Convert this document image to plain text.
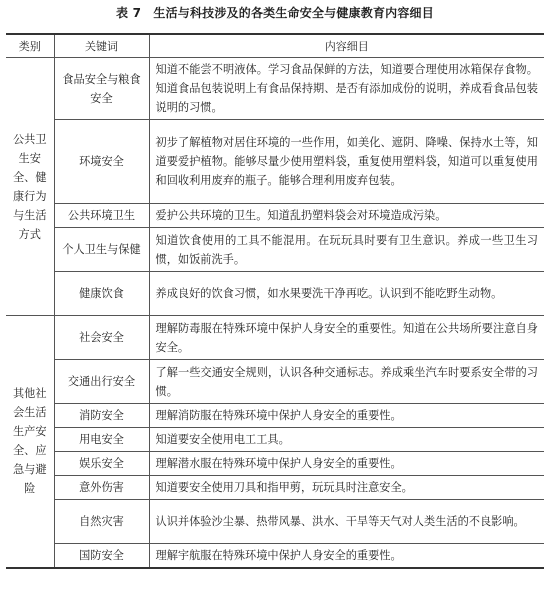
表 7　生活与科技涉及的各类生命安全与健康教育内容细目
类别	关键词	内容细目
公共卫生安全、健康行为与生活方式	食品安全与粮食安全	知道不能尝不明液体。学习食品保鲜的方法，知道要合理使用冰箱保存食物。知道食品包装说明上有食品保持期、是否有添加成份的说明，养成看食品包装说明的习惯。
	环境安全	初步了解植物对居住环境的一些作用，如美化、遮阴、降噪、保持水土等，知道要爱护植物。能够尽量少使用塑料袋，重复使用塑料袋，知道可以重复使用和回收利用废弃的瓶子。能够合理利用废弃包装。
	公共环境卫生	爱护公共环境的卫生。知道乱扔塑料袋会对环境造成污染。
	个人卫生与保健	知道饮食使用的工具不能混用。在玩玩具时要有卫生意识。养成一些卫生习惯，如饭前洗手。
	健康饮食	养成良好的饮食习惯，如水果要洗干净再吃。认识到不能吃野生动物。
其他社会生活生产安全、应急与避险	社会安全	理解防毒服在特殊环境中保护人身安全的重要性。知道在公共场所要注意自身安全。
	交通出行安全	了解一些交通安全规则，认识各种交通标志。养成乘坐汽车时要系安全带的习惯。
	消防安全	理解消防服在特殊环境中保护人身安全的重要性。
	用电安全	知道要安全使用电工工具。
	娱乐安全	理解潜水服在特殊环境中保护人身安全的重要性。
	意外伤害	知道要安全使用刀具和指甲剪，玩玩具时注意安全。
	自然灾害	认识并体验沙尘暴、热带风暴、洪水、干旱等天气对人类生活的不良影响。
	国防安全	理解宇航服在特殊环境中保护人身安全的重要性。
